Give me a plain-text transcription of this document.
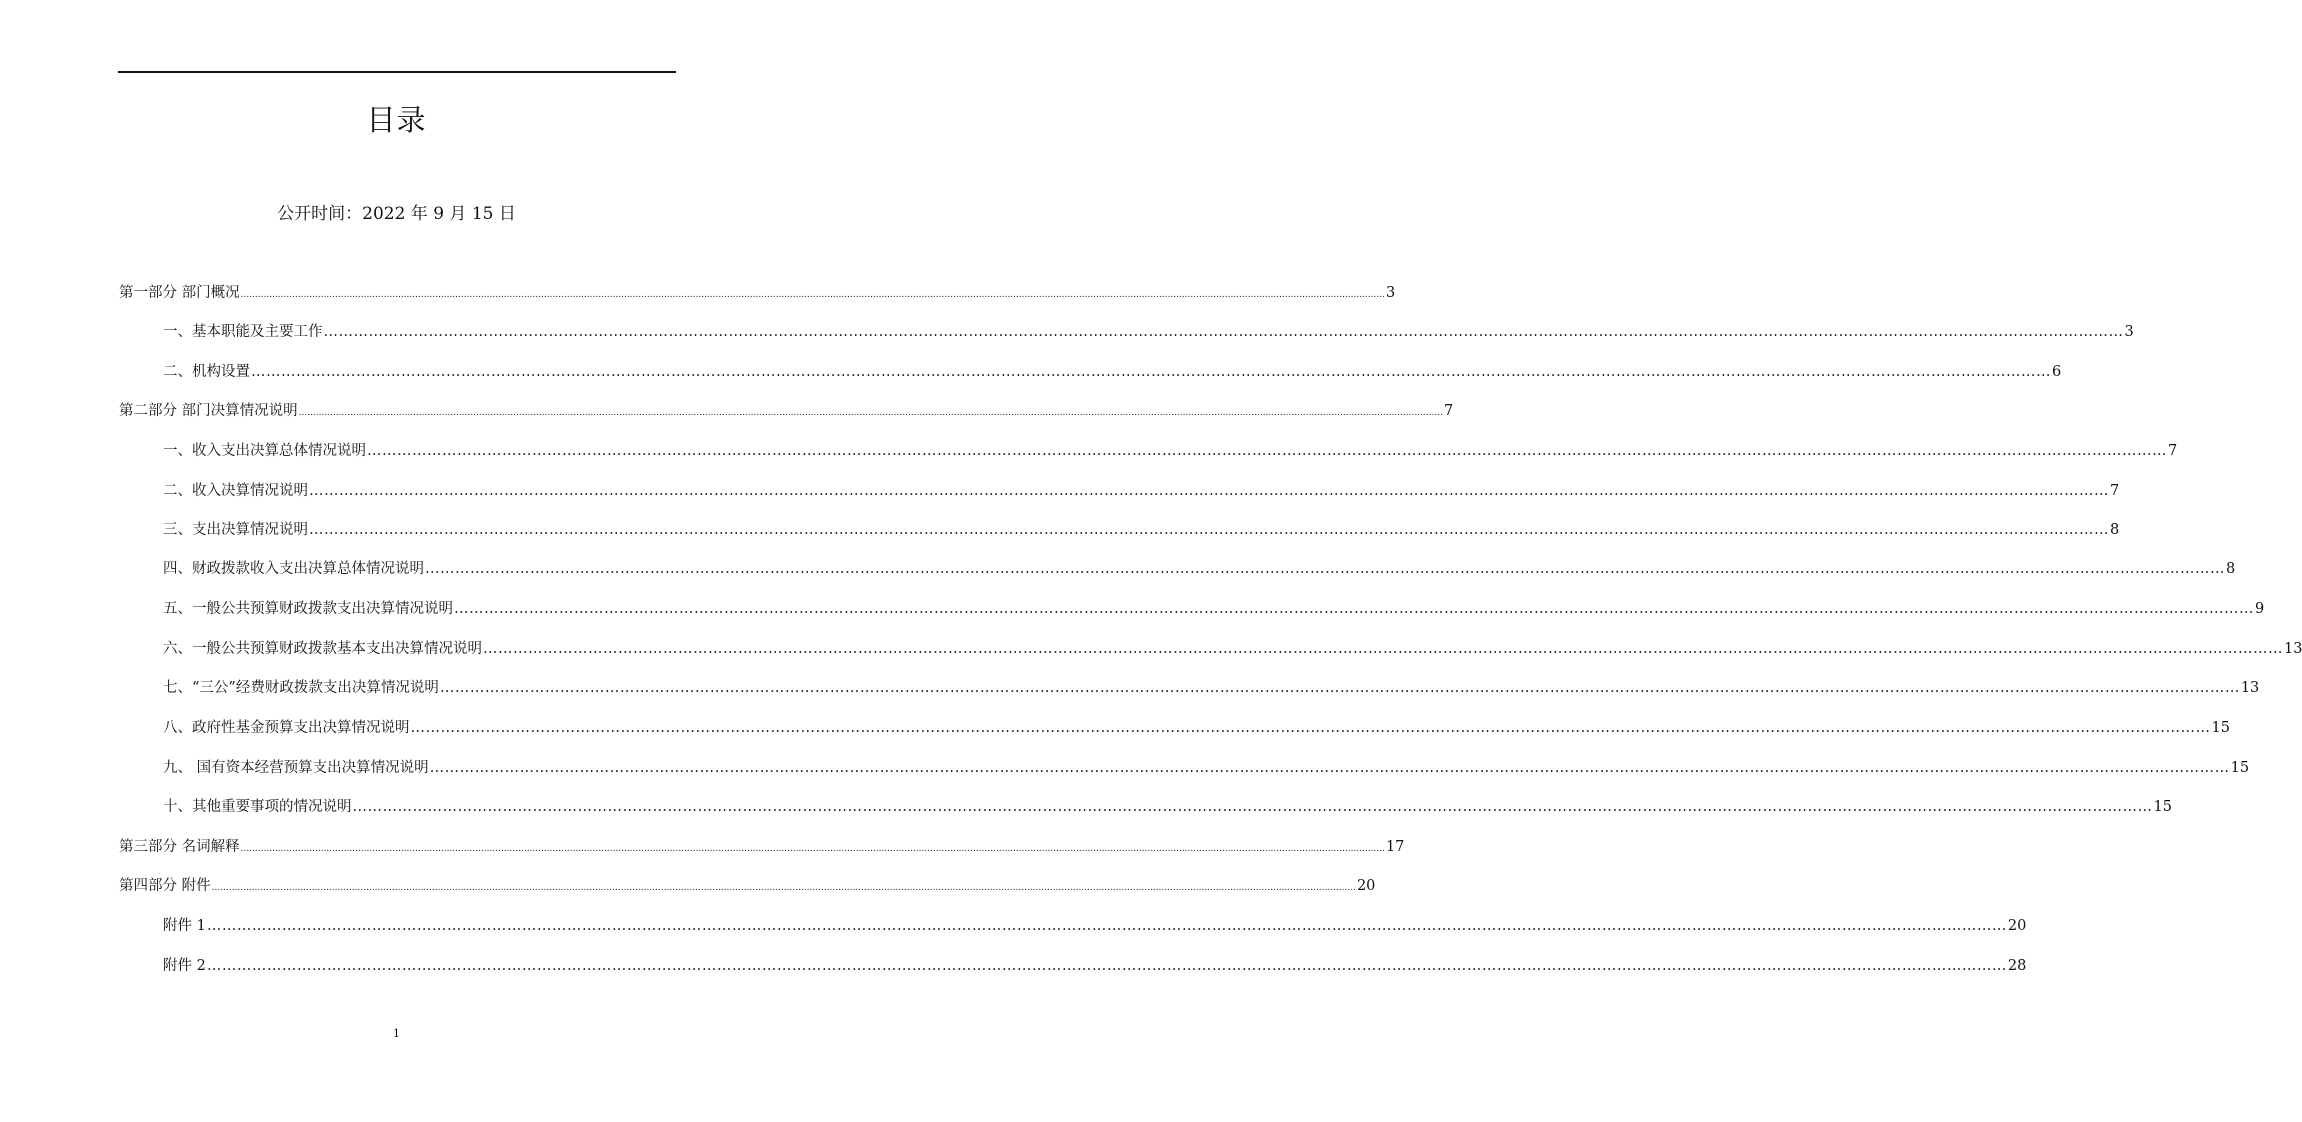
目录
公开时间：2022 年 9 月 15 日
第一部分 部门概况 ................................................................................................................................................................................................................................................................................................................................................................................................................ 3
一、基本职能及主要工作 ……………………………………………………………………………………………………………………………………………………………………………………………………………………………………………………………………………………………………………………………… 3
二、机构设置 ……………………………………………………………………………………………………………………………………………………………………………………………………………………………………………………………………………………………………………………………… 6
第二部分 部门决算情况说明 ................................................................................................................................................................................................................................................................................................................................................................................................................ 7
一、收入支出决算总体情况说明 ……………………………………………………………………………………………………………………………………………………………………………………………………………………………………………………………………………………………………………………………… 7
二、收入决算情况说明 ……………………………………………………………………………………………………………………………………………………………………………………………………………………………………………………………………………………………………………………………… 7
三、支出决算情况说明 ……………………………………………………………………………………………………………………………………………………………………………………………………………………………………………………………………………………………………………………………… 8
四、财政拨款收入支出决算总体情况说明 ……………………………………………………………………………………………………………………………………………………………………………………………………………………………………………………………………………………………………………………………… 8
五、一般公共预算财政拨款支出决算情况说明 ……………………………………………………………………………………………………………………………………………………………………………………………………………………………………………………………………………………………………………………………… 9
六、一般公共预算财政拨款基本支出决算情况说明 ……………………………………………………………………………………………………………………………………………………………………………………………………………………………………………………………………………………………………………………………… 13
七、“三公”经费财政拨款支出决算情况说明 ……………………………………………………………………………………………………………………………………………………………………………………………………………………………………………………………………………………………………………………………… 13
八、政府性基金预算支出决算情况说明 ……………………………………………………………………………………………………………………………………………………………………………………………………………………………………………………………………………………………………………………………… 15
九、 国有资本经营预算支出决算情况说明 ……………………………………………………………………………………………………………………………………………………………………………………………………………………………………………………………………………………………………………………………… 15
十、其他重要事项的情况说明 ……………………………………………………………………………………………………………………………………………………………………………………………………………………………………………………………………………………………………………………………… 15
第三部分 名词解释 ................................................................................................................................................................................................................................................................................................................................................................................................................ 17
第四部分 附件 ................................................................................................................................................................................................................................................................................................................................................................................................................ 20
附件 1 ……………………………………………………………………………………………………………………………………………………………………………………………………………………………………………………………………………………………………………………………… 20
附件 2 ……………………………………………………………………………………………………………………………………………………………………………………………………………………………………………………………………………………………………………………………… 28
1
